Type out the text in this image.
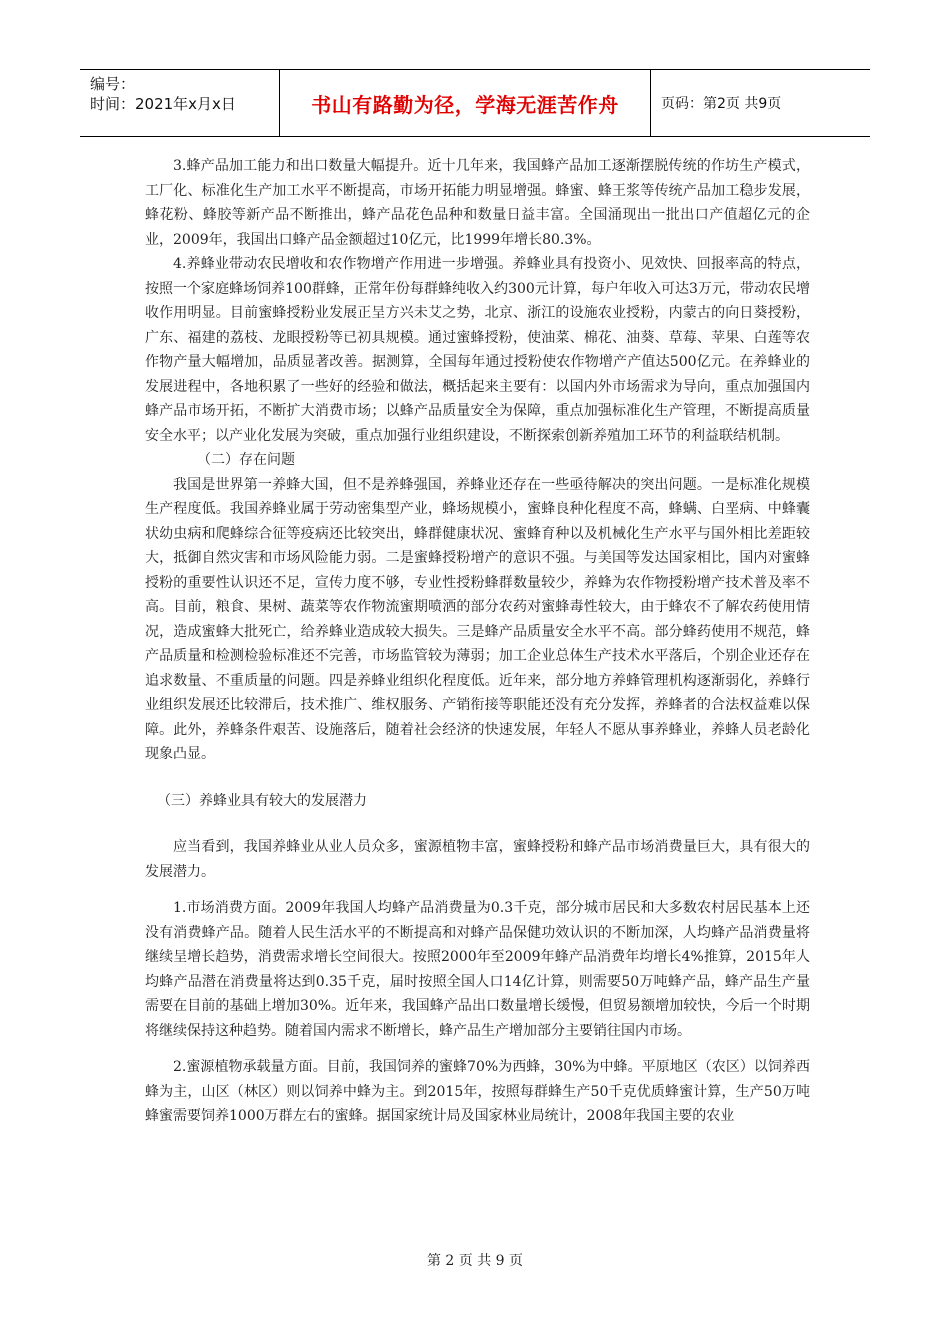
编号：
时间：2021年x月x日	书山有路勤为径，学海无涯苦作舟	页码：第2页 共9页

3.蜂产品加工能力和出口数量大幅提升。近十几年来，我国蜂产品加工逐渐摆脱传统的作坊生产模式，工厂化、标准化生产加工水平不断提高，市场开拓能力明显增强。蜂蜜、蜂王浆等传统产品加工稳步发展，蜂花粉、蜂胶等新产品不断推出，蜂产品花色品种和数量日益丰富。全国涌现出一批出口产值超亿元的企业，2009年，我国出口蜂产品金额超过10亿元，比1999年增长80.3%。

4.养蜂业带动农民增收和农作物增产作用进一步增强。养蜂业具有投资小、见效快、回报率高的特点，按照一个家庭蜂场饲养100群蜂，正常年份每群蜂纯收入约300元计算，每户年收入可达3万元，带动农民增收作用明显。目前蜜蜂授粉业发展正呈方兴未艾之势，北京、浙江的设施农业授粉，内蒙古的向日葵授粉，广东、福建的荔枝、龙眼授粉等已初具规模。通过蜜蜂授粉，使油菜、棉花、油葵、草莓、苹果、白莲等农作物产量大幅增加，品质显著改善。据测算，全国每年通过授粉使农作物增产产值达500亿元。在养蜂业的发展进程中，各地积累了一些好的经验和做法，概括起来主要有：以国内外市场需求为导向，重点加强国内蜂产品市场开拓，不断扩大消费市场；以蜂产品质量安全为保障，重点加强标准化生产管理，不断提高质量安全水平；以产业化发展为突破，重点加强行业组织建设，不断探索创新养殖加工环节的利益联结机制。

（二）存在问题

我国是世界第一养蜂大国，但不是养蜂强国，养蜂业还存在一些亟待解决的突出问题。一是标准化规模生产程度低。我国养蜂业属于劳动密集型产业，蜂场规模小，蜜蜂良种化程度不高，蜂螨、白垩病、中蜂囊状幼虫病和爬蜂综合征等疫病还比较突出，蜂群健康状况、蜜蜂育种以及机械化生产水平与国外相比差距较大，抵御自然灾害和市场风险能力弱。二是蜜蜂授粉增产的意识不强。与美国等发达国家相比，国内对蜜蜂授粉的重要性认识还不足，宣传力度不够，专业性授粉蜂群数量较少，养蜂为农作物授粉增产技术普及率不高。目前，粮食、果树、蔬菜等农作物流蜜期喷洒的部分农药对蜜蜂毒性较大，由于蜂农不了解农药使用情况，造成蜜蜂大批死亡，给养蜂业造成较大损失。三是蜂产品质量安全水平不高。部分蜂药使用不规范，蜂产品质量和检测检验标准还不完善，市场监管较为薄弱；加工企业总体生产技术水平落后，个别企业还存在追求数量、不重质量的问题。四是养蜂业组织化程度低。近年来，部分地方养蜂管理机构逐渐弱化，养蜂行业组织发展还比较滞后，技术推广、维权服务、产销衔接等职能还没有充分发挥，养蜂者的合法权益难以保障。此外，养蜂条件艰苦、设施落后，随着社会经济的快速发展，年轻人不愿从事养蜂业，养蜂人员老龄化现象凸显。

（三）养蜂业具有较大的发展潜力

应当看到，我国养蜂业从业人员众多，蜜源植物丰富，蜜蜂授粉和蜂产品市场消费量巨大，具有很大的发展潜力。

1.市场消费方面。2009年我国人均蜂产品消费量为0.3千克，部分城市居民和大多数农村居民基本上还没有消费蜂产品。随着人民生活水平的不断提高和对蜂产品保健功效认识的不断加深，人均蜂产品消费量将继续呈增长趋势，消费需求增长空间很大。按照2000年至2009年蜂产品消费年均增长4%推算，2015年人均蜂产品潜在消费量将达到0.35千克，届时按照全国人口14亿计算，则需要50万吨蜂产品，蜂产品生产量需要在目前的基础上增加30%。近年来，我国蜂产品出口数量增长缓慢，但贸易额增加较快，今后一个时期将继续保持这种趋势。随着国内需求不断增长，蜂产品生产增加部分主要销往国内市场。

2.蜜源植物承载量方面。目前，我国饲养的蜜蜂70%为西蜂，30%为中蜂。平原地区（农区）以饲养西蜂为主，山区（林区）则以饲养中蜂为主。到2015年，按照每群蜂生产50千克优质蜂蜜计算，生产50万吨蜂蜜需要饲养1000万群左右的蜜蜂。据国家统计局及国家林业局统计，2008年我国主要的农业

第 2 页 共 9 页
